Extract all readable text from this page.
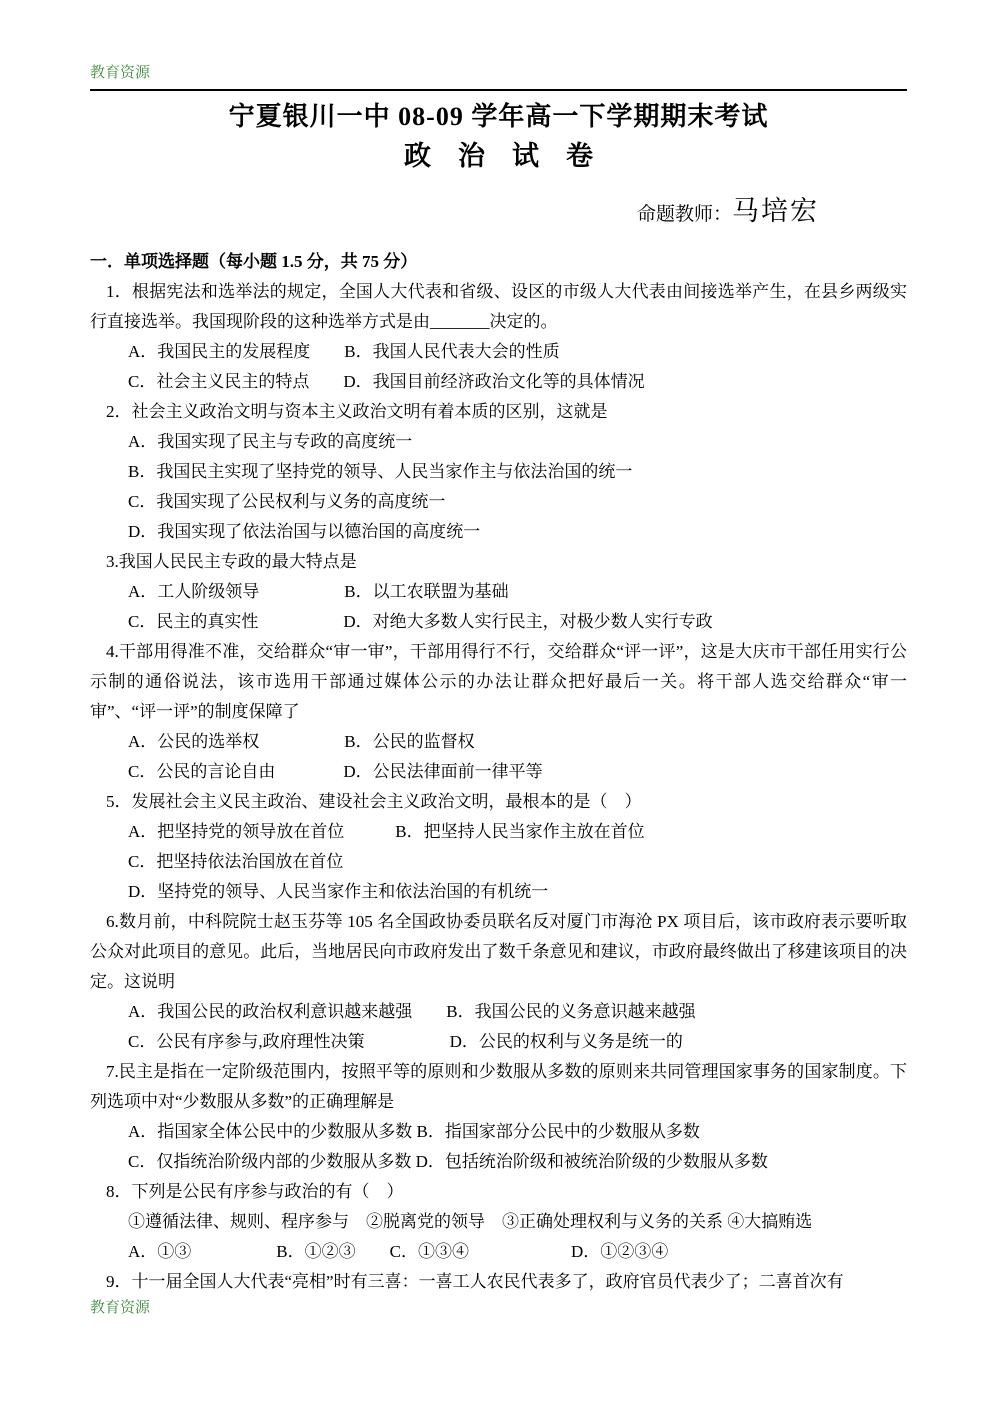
教育资源
宁夏银川一中 08-09 学年高一下学期期末考试
政　治　试　卷
命题教师：马培宏
一．单项选择题（每小题 1.5 分，共 75 分）

1．根据宪法和选举法的规定，全国人大代表和省级、设区的市级人大代表由间接选举产生，在县乡两级实行直接选举。我国现阶段的这种选举方式是由_______决定的。

A．我国民主的发展程度　　B．我国人民代表大会的性质

C．社会主义民主的特点　　D．我国目前经济政治文化等的具体情况

2．社会主义政治文明与资本主义政治文明有着本质的区别，这就是

A．我国实现了民主与专政的高度统一

B．我国民主实现了坚持党的领导、人民当家作主与依法治国的统一

C．我国实现了公民权利与义务的高度统一

D．我国实现了依法治国与以德治国的高度统一

3.我国人民民主专政的最大特点是

A．工人阶级领导　　　　　B．以工农联盟为基础

C．民主的真实性　　　　　D．对绝大多数人实行民主，对极少数人实行专政

4.干部用得准不准，交给群众“审一审”，干部用得行不行，交给群众“评一评”，这是大庆市干部任用实行公示制的通俗说法，该市选用干部通过媒体公示的办法让群众把好最后一关。将干部人选交给群众“审一审”、“评一评”的制度保障了

A．公民的选举权　　　　　B．公民的监督权

C．公民的言论自由　　　　D．公民法律面前一律平等

5．发展社会主义民主政治、建设社会主义政治文明，最根本的是（　）

A．把坚持党的领导放在首位　　　B．把坚持人民当家作主放在首位

C．把坚持依法治国放在首位

D．坚持党的领导、人民当家作主和依法治国的有机统一

6.数月前，中科院院士赵玉芬等 105 名全国政协委员联名反对厦门市海沧 PX 项目后，该市政府表示要听取公众对此项目的意见。此后，当地居民向市政府发出了数千条意见和建议，市政府最终做出了移建该项目的决定。这说明

A．我国公民的政治权利意识越来越强　　B．我国公民的义务意识越来越强

C．公民有序参与,政府理性决策　　　　　D．公民的权利与义务是统一的

7.民主是指在一定阶级范围内，按照平等的原则和少数服从多数的原则来共同管理国家事务的国家制度。下列选项中对“少数服从多数”的正确理解是

A．指国家全体公民中的少数服从多数 B．指国家部分公民中的少数服从多数

C．仅指统治阶级内部的少数服从多数 D．包括统治阶级和被统治阶级的少数服从多数

8．下列是公民有序参与政治的有（　）

①遵循法律、规则、程序参与　②脱离党的领导　③正确处理权利与义务的关系 ④大搞贿选

A．①③　　　　　B．①②③　　C．①③④　　　　　　D．①②③④

9．十一届全国人大代表“亮相”时有三喜：一喜工人农民代表多了，政府官员代表少了；二喜首次有

教育资源
